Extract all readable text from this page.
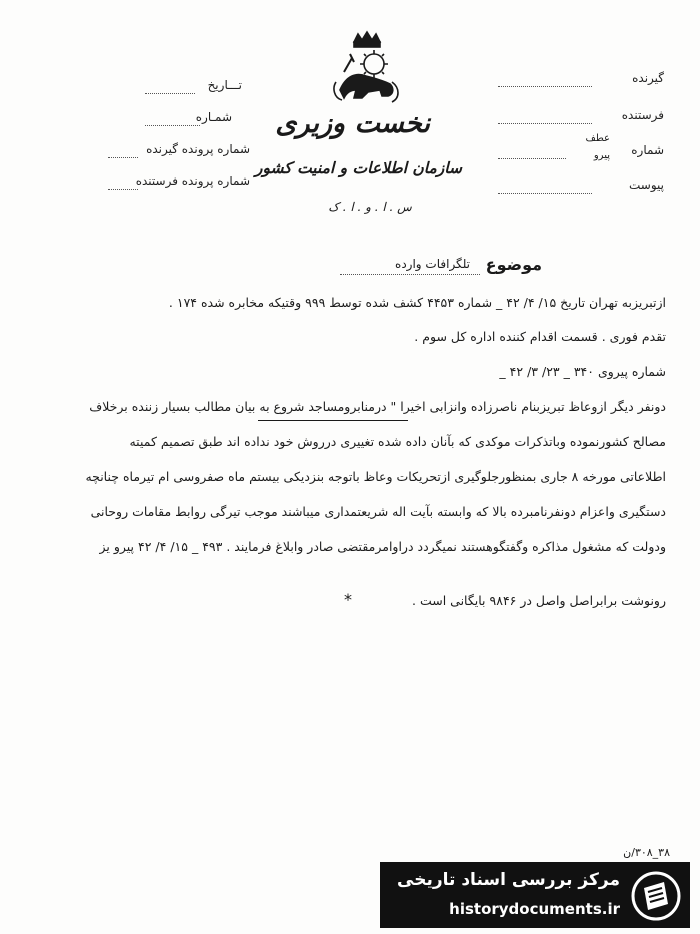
تـــاریخ
شمـاره
شماره پرونده گیرنده
شماره پرونده فرستنده
نخست وزیری
سازمان اطلاعات و امنیت کشور
س . ا . و . ا . ک
گیرنده
فرستنده
شماره
عطف
پیرو
پیوست
موضوع
تلگرافات وارده
ازتبریزبه تهران تاریخ ۱۵/ ۴/ ۴۲ _ شماره ۴۴۵۳ کشف شده توسط ۹۹۹ وقتیکه مخابره شده ۱۷۴ .
تقدم فوری . قسمت اقدام کننده اداره کل سوم .
شماره پیروی ۳۴۰ _ ۲۳/ ۳/ ۴۲ _
دونفر دیگر ازوعاظ تبریزبنام ناصرزاده وانزابی اخیرا " درمنابرومساجد شروع به بیان مطالب بسیار زننده برخلاف
مصالح کشورنموده وباتذکرات موکدی که بآنان داده شده تغییری درروش خود نداده اند طبق تصمیم کمیته
اطلاعاتی مورخه ۸ جاری بمنظورجلوگیری ازتحریکات وعاظ باتوجه بنزدیکی بیستم ماه صفروسی ام تیرماه چنانچه
دستگیری واعزام دونفرنامبرده بالا که وابسته بآیت اله شریعتمداری میباشند موجب تیرگی روابط مقامات روحانی
ودولت که مشغول مذاکره وگفتگوهستند نمیگردد دراوامرمقتضی صادر وابلاغ فرمایند . ۴۹۳ _ ۱۵/ ۴/ ۴۲ پیرو یز
رونوشت برابراصل واصل در ۹۸۴۶ بایگانی است .
*
۳۸_۳۰۸/ن
مرکز بررسی اسناد تاریخی
historydocuments.ir
